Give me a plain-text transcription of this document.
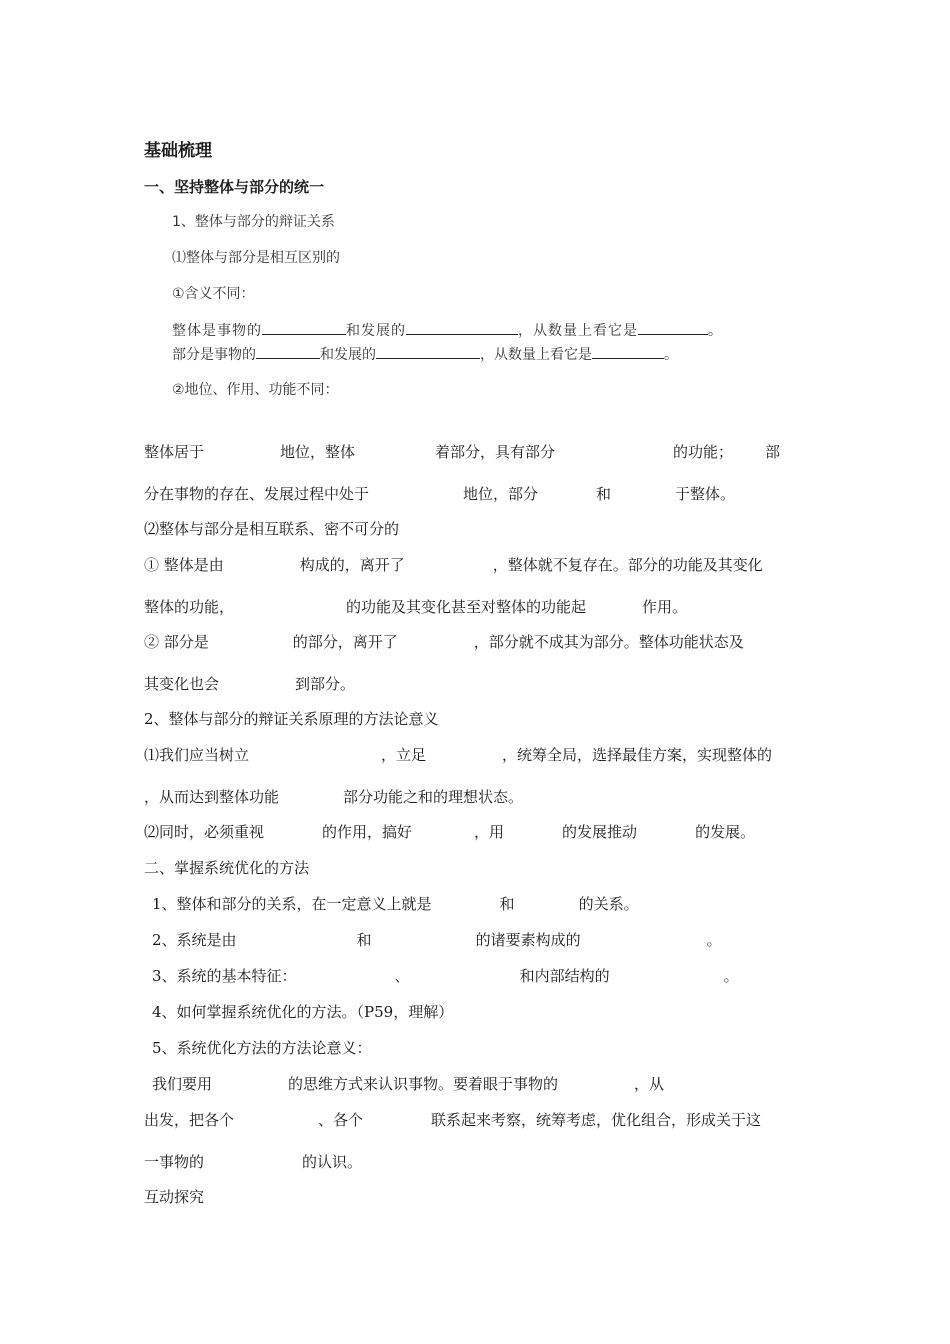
基础梳理
一、坚持整体与部分的统一
1、整体与部分的辩证关系
⑴整体与部分是相互区别的
①含义不同：
整体是事物的	和发展的	，从数量上看它是	。
部分是事物的	和发展的	，从数量上看它是	。
②地位、作用、功能不同：
整体居于	地位，整体	着部分，具有部分	的功能； 部
分在事物的存在、发展过程中处于	地位，部分	和	于整体。
⑵整体与部分是相互联系、密不可分的
① 整体是由	构成的，离开了	，整体就不复存在。部分的功能及其变化
整体的功能，	的功能及其变化甚至对整体的功能起	作用。
② 部分是	的部分，离开了	，部分就不成其为部分。整体功能状态及
其变化也会	到部分。
2、整体与部分的辩证关系原理的方法论意义
⑴我们应当树立	，立足	，统筹全局，选择最佳方案，实现整体的
，从而达到整体功能	部分功能之和的理想状态。
⑵同时，必须重视	的作用，搞好	，用	的发展推动	的发展。
二、掌握系统优化的方法
1、整体和部分的关系，在一定意义上就是	和	的关系。
2、系统是由	和	的诸要素构成的	。
3、系统的基本特征：	、	和内部结构的	。
4、如何掌握系统优化的方法。（P59，理解）
5、系统优化方法的方法论意义：
我们要用	的思维方式来认识事物。要着眼于事物的	，从
出发，把各个	、各个	联系起来考察，统筹考虑，优化组合，形成关于这
一事物的	的认识。
互动探究
